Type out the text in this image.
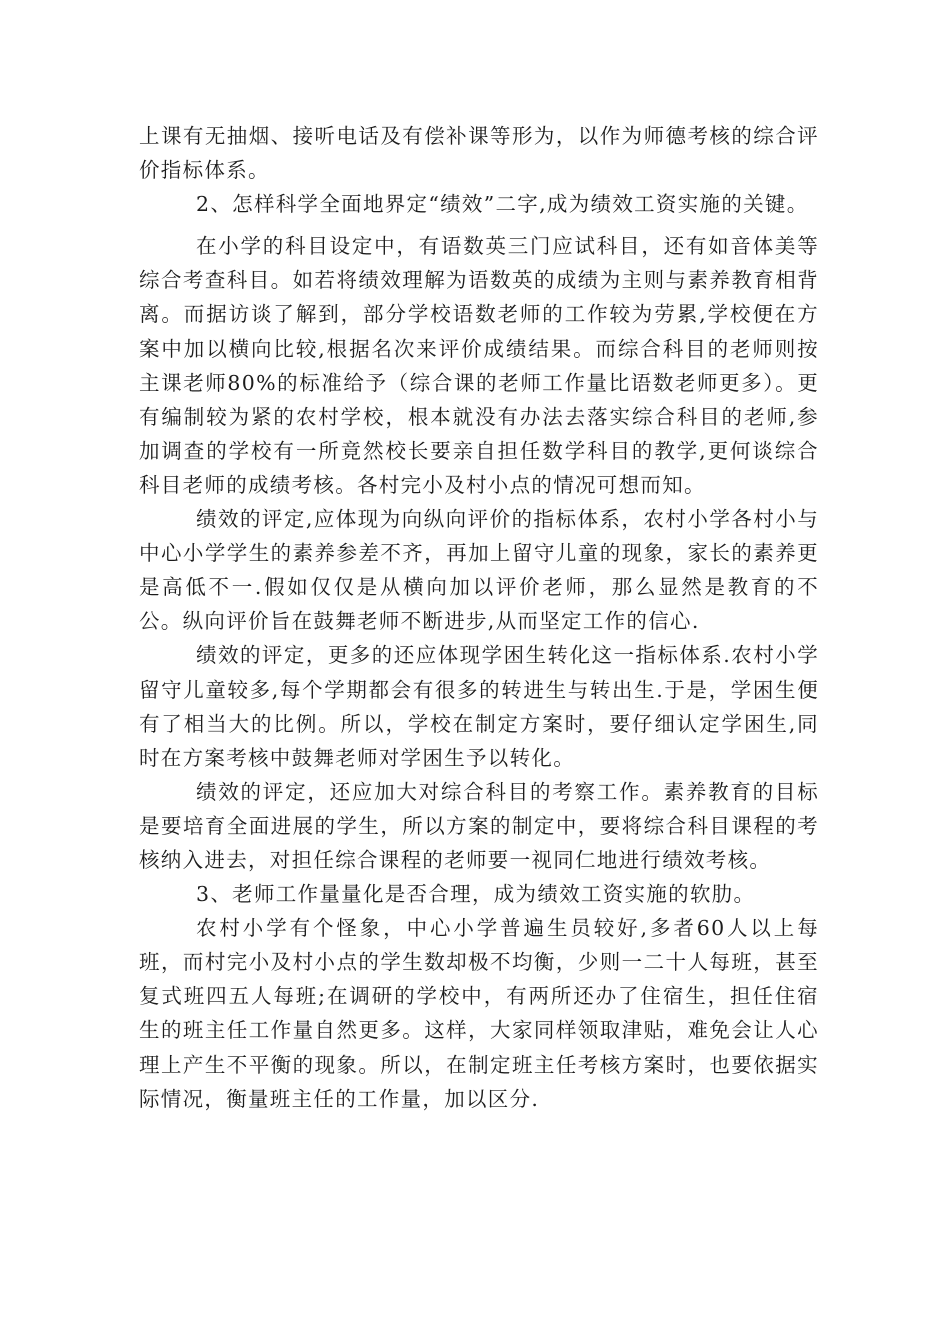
上课有无抽烟、接听电话及有偿补课等形为，以作为师德考核的综合评价指标体系。

2、怎样科学全面地界定“绩效”二字,成为绩效工资实施的关键。

在小学的科目设定中，有语数英三门应试科目，还有如音体美等综合考查科目。如若将绩效理解为语数英的成绩为主则与素养教育相背离。而据访谈了解到，部分学校语数老师的工作较为劳累,学校便在方案中加以横向比较,根据名次来评价成绩结果。而综合科目的老师则按主课老师80%的标准给予（综合课的老师工作量比语数老师更多）。更有编制较为紧的农村学校，根本就没有办法去落实综合科目的老师,参加调查的学校有一所竟然校长要亲自担任数学科目的教学,更何谈综合科目老师的成绩考核。各村完小及村小点的情况可想而知。

绩效的评定,应体现为向纵向评价的指标体系，农村小学各村小与中心小学学生的素养参差不齐，再加上留守儿童的现象，家长的素养更是高低不一.假如仅仅是从横向加以评价老师，那么显然是教育的不公。纵向评价旨在鼓舞老师不断进步,从而坚定工作的信心.

绩效的评定，更多的还应体现学困生转化这一指标体系.农村小学留守儿童较多,每个学期都会有很多的转进生与转出生.于是，学困生便有了相当大的比例。所以，学校在制定方案时，要仔细认定学困生,同时在方案考核中鼓舞老师对学困生予以转化。

绩效的评定，还应加大对综合科目的考察工作。素养教育的目标是要培育全面进展的学生，所以方案的制定中，要将综合科目课程的考核纳入进去，对担任综合课程的老师要一视同仁地进行绩效考核。

3、老师工作量量化是否合理，成为绩效工资实施的软肋。

农村小学有个怪象，中心小学普遍生员较好,多者60人以上每班，而村完小及村小点的学生数却极不均衡，少则一二十人每班，甚至复式班四五人每班;在调研的学校中，有两所还办了住宿生，担任住宿生的班主任工作量自然更多。这样，大家同样领取津贴，难免会让人心理上产生不平衡的现象。所以，在制定班主任考核方案时，也要依据实际情况，衡量班主任的工作量，加以区分.
